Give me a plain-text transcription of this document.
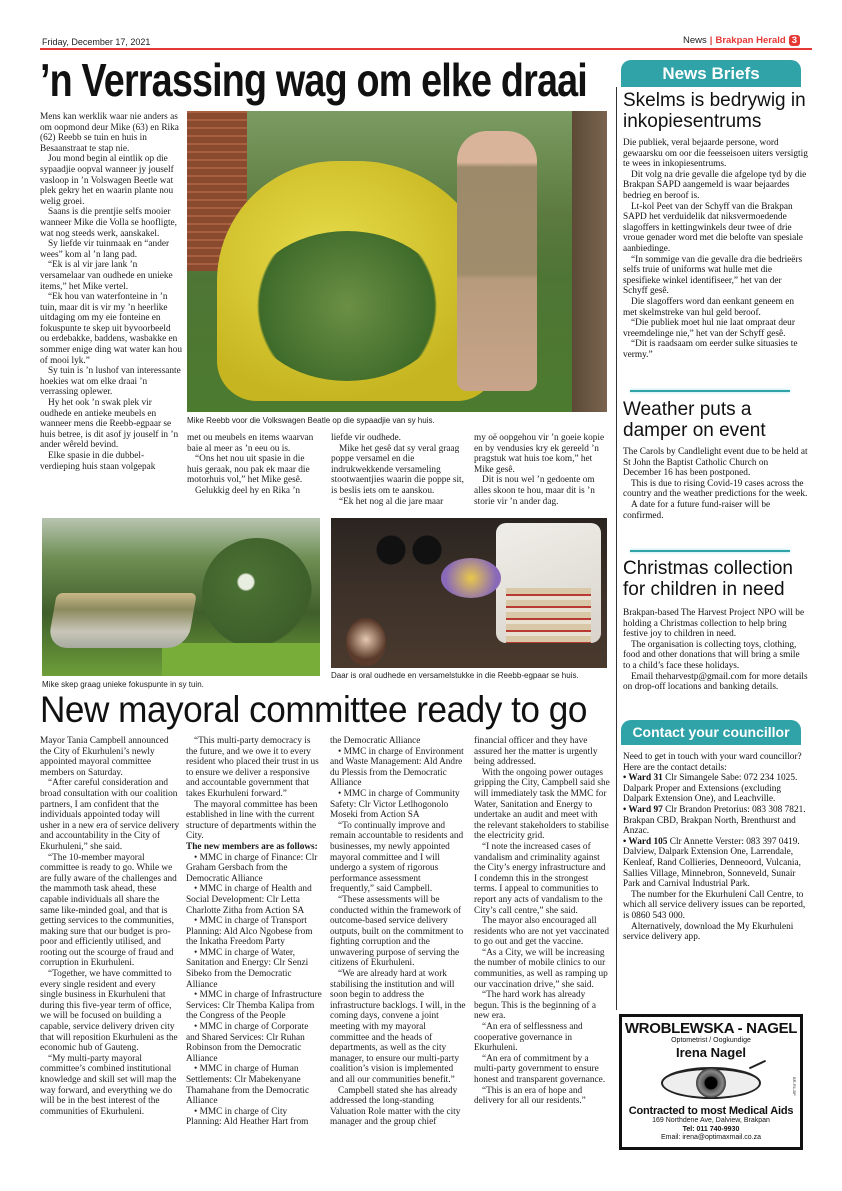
Friday, December 17, 2021	News | Brakpan Herald 3
’n Verrassing wag om elke draai

Mens kan werklik waar nie anders as om oopmond deur Mike (63) en Rika (62) Reebb se tuin en huis in Besaanstraat te stap nie.

Jou mond begin al eintlik op die sypaadjie oopval wanneer jy jouself vasloop in ’n Volswagen Beetle wat plek gekry het en waarin plante nou welig groei.

Saans is die prentjie selfs mooier wanneer Mike die Volla se hoofligte, wat nog steeds werk, aanskakel.

Sy liefde vir tuinmaak en “ander wees” kom al ’n lang pad.

“Ek is al vir jare lank ’n versamelaar van oudhede en unieke items,” het Mike vertel.

“Ek hou van waterfonteine in ’n tuin, maar dit is vir my ’n heerlike uitdaging om my eie fonteine en fokuspunte te skep uit byvoorbeeld ou erdebakke, baddens, wasbakke en sommer enige ding wat water kan hou of mooi lyk.”

Sy tuin is ’n lushof van interessante hoekies wat om elke draai ’n verrassing oplewer.

Hy het ook ’n swak plek vir oudhede en antieke meubels en wanneer mens die Reebb-egpaar se huis betree, is dit asof jy jouself in ’n ander wêreld bevind.

Elke spasie in die dubbel-verdieping huis staan volgepak

Mike Reebb voor die Volkswagen Beatle op die sypaadjie van sy huis.

met ou meubels en items waarvan baie al meer as ’n eeu ou is.

“Ons het nou uit spasie in die huis geraak, nou pak ek maar die motorhuis vol,” het Mike gesê.

Gelukkig deel hy en Rika ’n

liefde vir oudhede.

Mike het gesê dat sy veral graag poppe versamel en die indrukwekkende versameling stootwaentjies waarin die poppe sit, is beslis iets om te aanskou.

“Ek het nog al die jare maar

my oë oopgehou vir ’n goeie kopie en by vendusies kry ek gereeld ’n pragstuk wat huis toe kom,” het Mike gesê.

Dit is nou wel ’n gedoente om alles skoon te hou, maar dit is ’n storie vir ’n ander dag.

Mike skep graag unieke fokuspunte in sy tuin.
Daar is oral oudhede en versamelstukke in die Reebb-egpaar se huis.
New mayoral committee ready to go

Mayor Tania Campbell announced the City of Ekurhuleni’s newly appointed mayoral committee members on Saturday.

“After careful consideration and broad consultation with our coalition partners, I am confident that the individuals appointed today will usher in a new era of service delivery and accountability in the City of Ekurhuleni,” she said.

“The 10-member mayoral committee is ready to go. While we are fully aware of the challenges and the mammoth task ahead, these capable individuals all share the same like-minded goal, and that is getting services to the communities, making sure that our budget is pro-poor and efficiently utilised, and rooting out the scourge of fraud and corruption in Ekurhuleni.

“Together, we have committed to every single resident and every single business in Ekurhuleni that during this five-year term of office, we will be focused on building a capable, service delivery driven city that will reposition Ekurhuleni as the economic hub of Gauteng.

“My multi-party mayoral committee’s combined institutional knowledge and skill set will map the way forward, and everything we do will be in the best interest of the communities of Ekurhuleni.

“This multi-party democracy is the future, and we owe it to every resident who placed their trust in us to ensure we deliver a responsive and accountable government that takes Ekurhuleni forward.”

The mayoral committee has been established in line with the current structure of departments within the City.

The new members are as follows:

• MMC in charge of Finance: Clr Graham Gersbach from the Democratic Alliance

• MMC in charge of Health and Social Development: Clr Letta Charlotte Zitha from Action SA

• MMC in charge of Transport Planning: Ald Alco Ngobese from the Inkatha Freedom Party

• MMC in charge of Water, Sanitation and Energy: Clr Senzi Sibeko from the Democratic Alliance

• MMC in charge of Infrastructure Services: Clr Themba Kalipa from the Congress of the People

• MMC in charge of Corporate and Shared Services: Clr Ruhan Robinson from the Democratic Alliance

• MMC in charge of Human Settlements: Clr Mabekenyane Thamahane from the Democratic Alliance

• MMC in charge of City Planning: Ald Heather Hart from

the Democratic Alliance

• MMC in charge of Environment and Waste Management: Ald Andre du Plessis from the Democratic Alliance

• MMC in charge of Community Safety: Clr Victor Letlhogonolo Moseki from Action SA

“To continually improve and remain accountable to residents and businesses, my newly appointed mayoral committee and I will undergo a system of rigorous performance assessment frequently,” said Campbell.

“These assessments will be conducted within the framework of outcome-based service delivery outputs, built on the commitment to fighting corruption and the unwavering purpose of serving the citizens of Ekurhuleni.

“We are already hard at work stabilising the institution and will soon begin to address the infrastructure backlogs. I will, in the coming days, convene a joint meeting with my mayoral committee and the heads of departments, as well as the city manager, to ensure our multi-party coalition’s vision is implemented and all our communities benefit.”

Campbell stated she has already addressed the long-standing Valuation Role matter with the city manager and the group chief

financial officer and they have assured her the matter is urgently being addressed.

With the ongoing power outages gripping the City, Campbell said she will immediately task the MMC for Water, Sanitation and Energy to undertake an audit and meet with the relevant stakeholders to stabilise the electricity grid.

“I note the increased cases of vandalism and criminality against the City’s energy infrastructure and I condemn this in the strongest terms. I appeal to communities to report any acts of vandalism to the City’s call centre,” she said.

The mayor also encouraged all residents who are not yet vaccinated to go out and get the vaccine.

“As a City, we will be increasing the number of mobile clinics to our communities, as well as ramping up our vaccination drive,” she said.

“The hard work has already begun. This is the beginning of a new era.

“An era of selflessness and cooperative governance in Ekurhuleni.

“An era of commitment by a multi-party government to ensure honest and transparent governance.

“This is an era of hope and delivery for all our residents.”

News Briefs
Skelms is bedrywig in inkopiesentrums

Die publiek, veral bejaarde persone, word gewaarsku om oor die feesseisoen uiters versigtig te wees in inkopiesentrums.

Dit volg na drie gevalle die afgelope tyd by die Brakpan SAPD aangemeld is waar bejaardes bedrieg en beroof is.

Lt-kol Peet van der Schyff van die Brakpan SAPD het verduidelik dat niksvermoedende slagoffers in kettingwinkels deur twee of drie vroue genader word met die belofte van spesiale aanbiedinge.

“In sommige van die gevalle dra die bedrieërs selfs truie of uniforms wat hulle met die spesifieke winkel identifiseer,” het van der Schyff gesê.

Die slagoffers word dan eenkant geneem en met skelmstreke van hul geld beroof.

“Die publiek moet hul nie laat ompraat deur vreemdelinge nie,” het van der Schyff gesê.

“Dit is raadsaam om eerder sulke situasies te vermy.”

Weather puts a damper on event

The Carols by Candlelight event due to be held at St John the Baptist Catholic Church on December 16 has been postponed.

This is due to rising Covid-19 cases across the country and the weather predictions for the week.

A date for a future fund-raiser will be confirmed.

Christmas collection for children in need

Brakpan-based The Harvest Project NPO will be holding a Christmas collection to help bring festive joy to children in need.

The organisation is collecting toys, clothing, food and other donations that will bring a smile to a child’s face these holidays.

Email theharvestp@gmail.com for more details on drop-off locations and banking details.

Contact your councillor
Need to get in touch with your ward councillor?
Here are the contact details:
• Ward 31 Clr Simangele Sabe: 072 234 1025.
Dalpark Proper and Extensions (excluding Dalpark Extension One), and Leachville.
• Ward 97 Clr Brandon Pretorius: 083 308 7821.
Brakpan CBD, Brakpan North, Brenthurst and Anzac.
• Ward 105 Clr Annette Verster: 083 397 0419.
Dalview, Dalpark Extension One, Larrendale, Kenleaf, Rand Collieries, Denneoord, Vulcania, Sallies Village, Minnebron, Sonneveld, Sunair Park and Carnival Industrial Park.

The number for the Ekurhuleni Call Centre, to which all service delivery issues can be reported, is 0860 543 000.

Alternatively, download the My Ekurhuleni service delivery app.

WROBLEWSKA - NAGEL
Optometrist / Oogkundige
Irena Nagel
Contracted to most Medical Aids
169 Northdene Ave, Dalview, Brakpan
Tel: 011 740-9930
Email: irena@optimaxmail.co.za
BR-R1-BP
